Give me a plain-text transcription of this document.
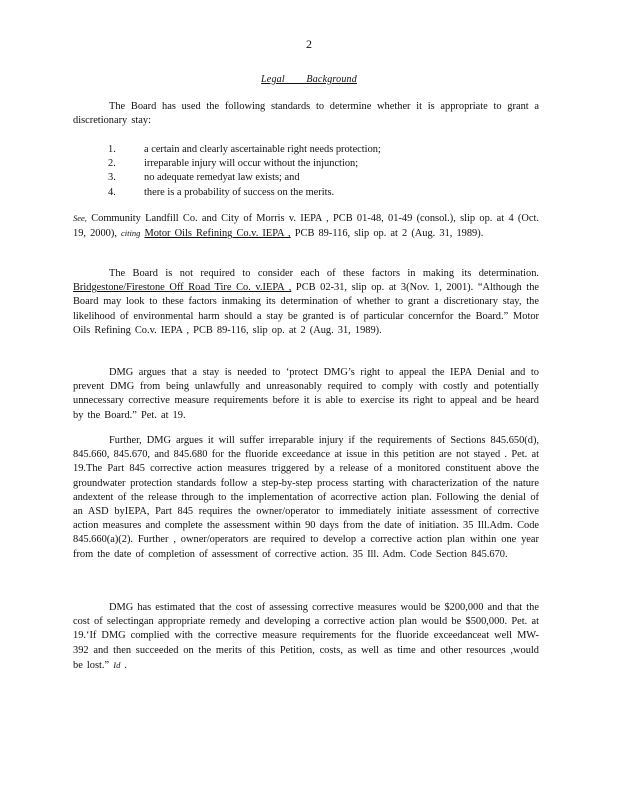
2
Legal        Background

The Board has used the following standards to determine whether it is appropriate to grant a discretionary stay:

1.	a certain and clearly ascertainable right needs protection;
2.	irreparable injury will occur without the injunction;
3.	no adequate remedyat law exists; and
4.	there is a probability of success on the merits.

See, Community Landfill Co. and City of Morris v. IEPA , PCB 01-48, 01-49 (consol.), slip op. at 4 (Oct. 19, 2000), citing Motor Oils Refining Co.v. IEPA , PCB 89-116, slip op. at 2 (Aug. 31, 1989).

The Board is not required to consider each of these factors in making its determination. Bridgestone/Firestone Off Road Tire Co. v.IEPA , PCB 02-31, slip op. at 3(Nov. 1, 2001). “Although the Board may look to these factors inmaking its determination of whether to grant a discretionary stay, the likelihood of environmental harm should a stay be granted is of particular concernfor the Board.” Motor Oils Refining Co.v. IEPA , PCB 89-116, slip op. at 2 (Aug. 31, 1989).

DMG argues that a stay is needed to ‘protect DMG’s right to appeal the IEPA Denial and to prevent DMG from being unlawfully and unreasonably required to comply with costly and potentially unnecessary corrective measure requirements before it is able to exercise its right to appeal and be heard by the Board.” Pet. at 19.

Further, DMG argues it will suffer irreparable injury if the requirements of Sections 845.650(d), 845.660, 845.670, and 845.680 for the fluoride exceedance at issue in this petition are not stayed . Pet. at 19.The Part 845 corrective action measures triggered by a release of a monitored constituent above the groundwater protection standards follow a step-by-step process starting with characterization of the nature andextent of the release through to the implementation of acorrective action plan. Following the denial of an ASD byIEPA, Part 845 requires the owner/operator to immediately initiate assessment of corrective action measures and complete the assessment within 90 days from the date of initiation. 35 Ill.Adm. Code 845.660(a)(2). Further , owner/operators are required to develop a corrective action plan within one year from the date of completion of assessment of corrective action. 35 Ill. Adm. Code Section 845.670.

DMG has estimated that the cost of assessing corrective measures would be $200,000 and that the cost of selectingan appropriate remedy and developing a corrective action plan would be $500,000. Pet. at 19.‘If DMG complied with the corrective measure requirements for the fluoride exceedanceat well MW-392 and then succeeded on the merits of this Petition, costs, as well as time and other resources ,would be lost.” Id .
